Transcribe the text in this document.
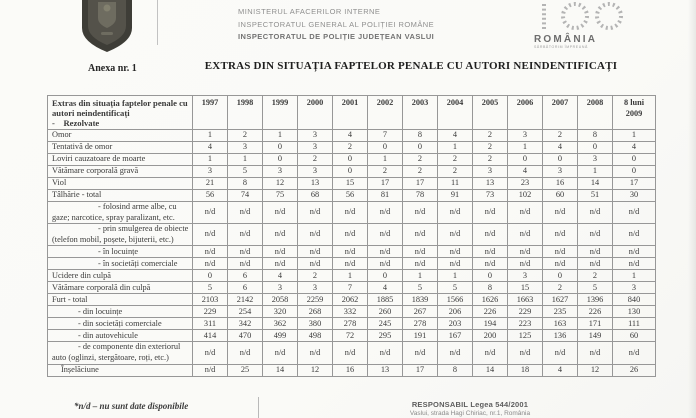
MINISTERUL AFACERILOR INTERNE
INSPECTORATUL GENERAL AL POLIȚIEI ROMÂNE
INSPECTORATUL DE POLIȚIE JUDEȚEAN VASLUI	ROMÂNIA
SĂRBĂTORIM ÎMPREUNĂ
Anexa nr. 1	EXTRAS DIN SITUAȚIA FAPTELOR PENALE CU AUTORI NEINDENTIFICAȚI
Extras din situația faptelor penale cu autori neindentificați
-    Rezolvate	1997	1998	1999	2000	2001	2002	2003	2004	2005	2006	2007	2008	8 luni 2009
Omor	1	2	1	3	4	7	8	4	2	3	2	8	1
Tentativă de omor	4	3	0	3	2	0	0	1	2	1	4	0	4
Loviri cauzatoare de moarte	1	1	0	2	0	1	2	2	2	0	0	3	0
Vătămare corporală gravă	3	5	3	3	0	2	2	2	3	4	3	1	0
Viol	21	8	12	13	15	17	17	11	13	23	16	14	17
Tâlhărie - total	56	74	75	68	56	81	78	91	73	102	60	51	30
- folosind arme albe, cu gaze; narcotice, spray paralizant, etc.	n/d	n/d	n/d	n/d	n/d	n/d	n/d	n/d	n/d	n/d	n/d	n/d	n/d
- prin smulgerea de obiecte (telefon mobil, poșete, bijuterii, etc.)	n/d	n/d	n/d	n/d	n/d	n/d	n/d	n/d	n/d	n/d	n/d	n/d	n/d
- în locuințe	n/d	n/d	n/d	n/d	n/d	n/d	n/d	n/d	n/d	n/d	n/d	n/d	n/d
- în societăți comerciale	n/d	n/d	n/d	n/d	n/d	n/d	n/d	n/d	n/d	n/d	n/d	n/d	n/d
Ucidere din culpă	0	6	4	2	1	0	1	1	0	3	0	2	1
Vătămare corporală din culpă	5	6	3	3	7	4	5	5	8	15	2	5	3
Furt - total	2103	2142	2058	2259	2062	1885	1839	1566	1626	1663	1627	1396	840
- din locuințe	229	254	320	268	332	260	267	206	226	229	235	226	130
- din societăți comerciale	311	342	362	380	278	245	278	203	194	223	163	171	111
- din autovehicule	414	470	499	498	72	295	191	167	200	125	136	149	60
- de componente din exteriorul auto (oglinzi, stergătoare, roți, etc.)	n/d	n/d	n/d	n/d	n/d	n/d	n/d	n/d	n/d	n/d	n/d	n/d	n/d
Înșelăciune	n/d	25	14	12	16	13	17	8	14	18	4	12	26
*n/d – nu sunt date disponibile	RESPONSABIL Legea 544/2001
Vaslui, strada Hagi Chiriac, nr.1, România
